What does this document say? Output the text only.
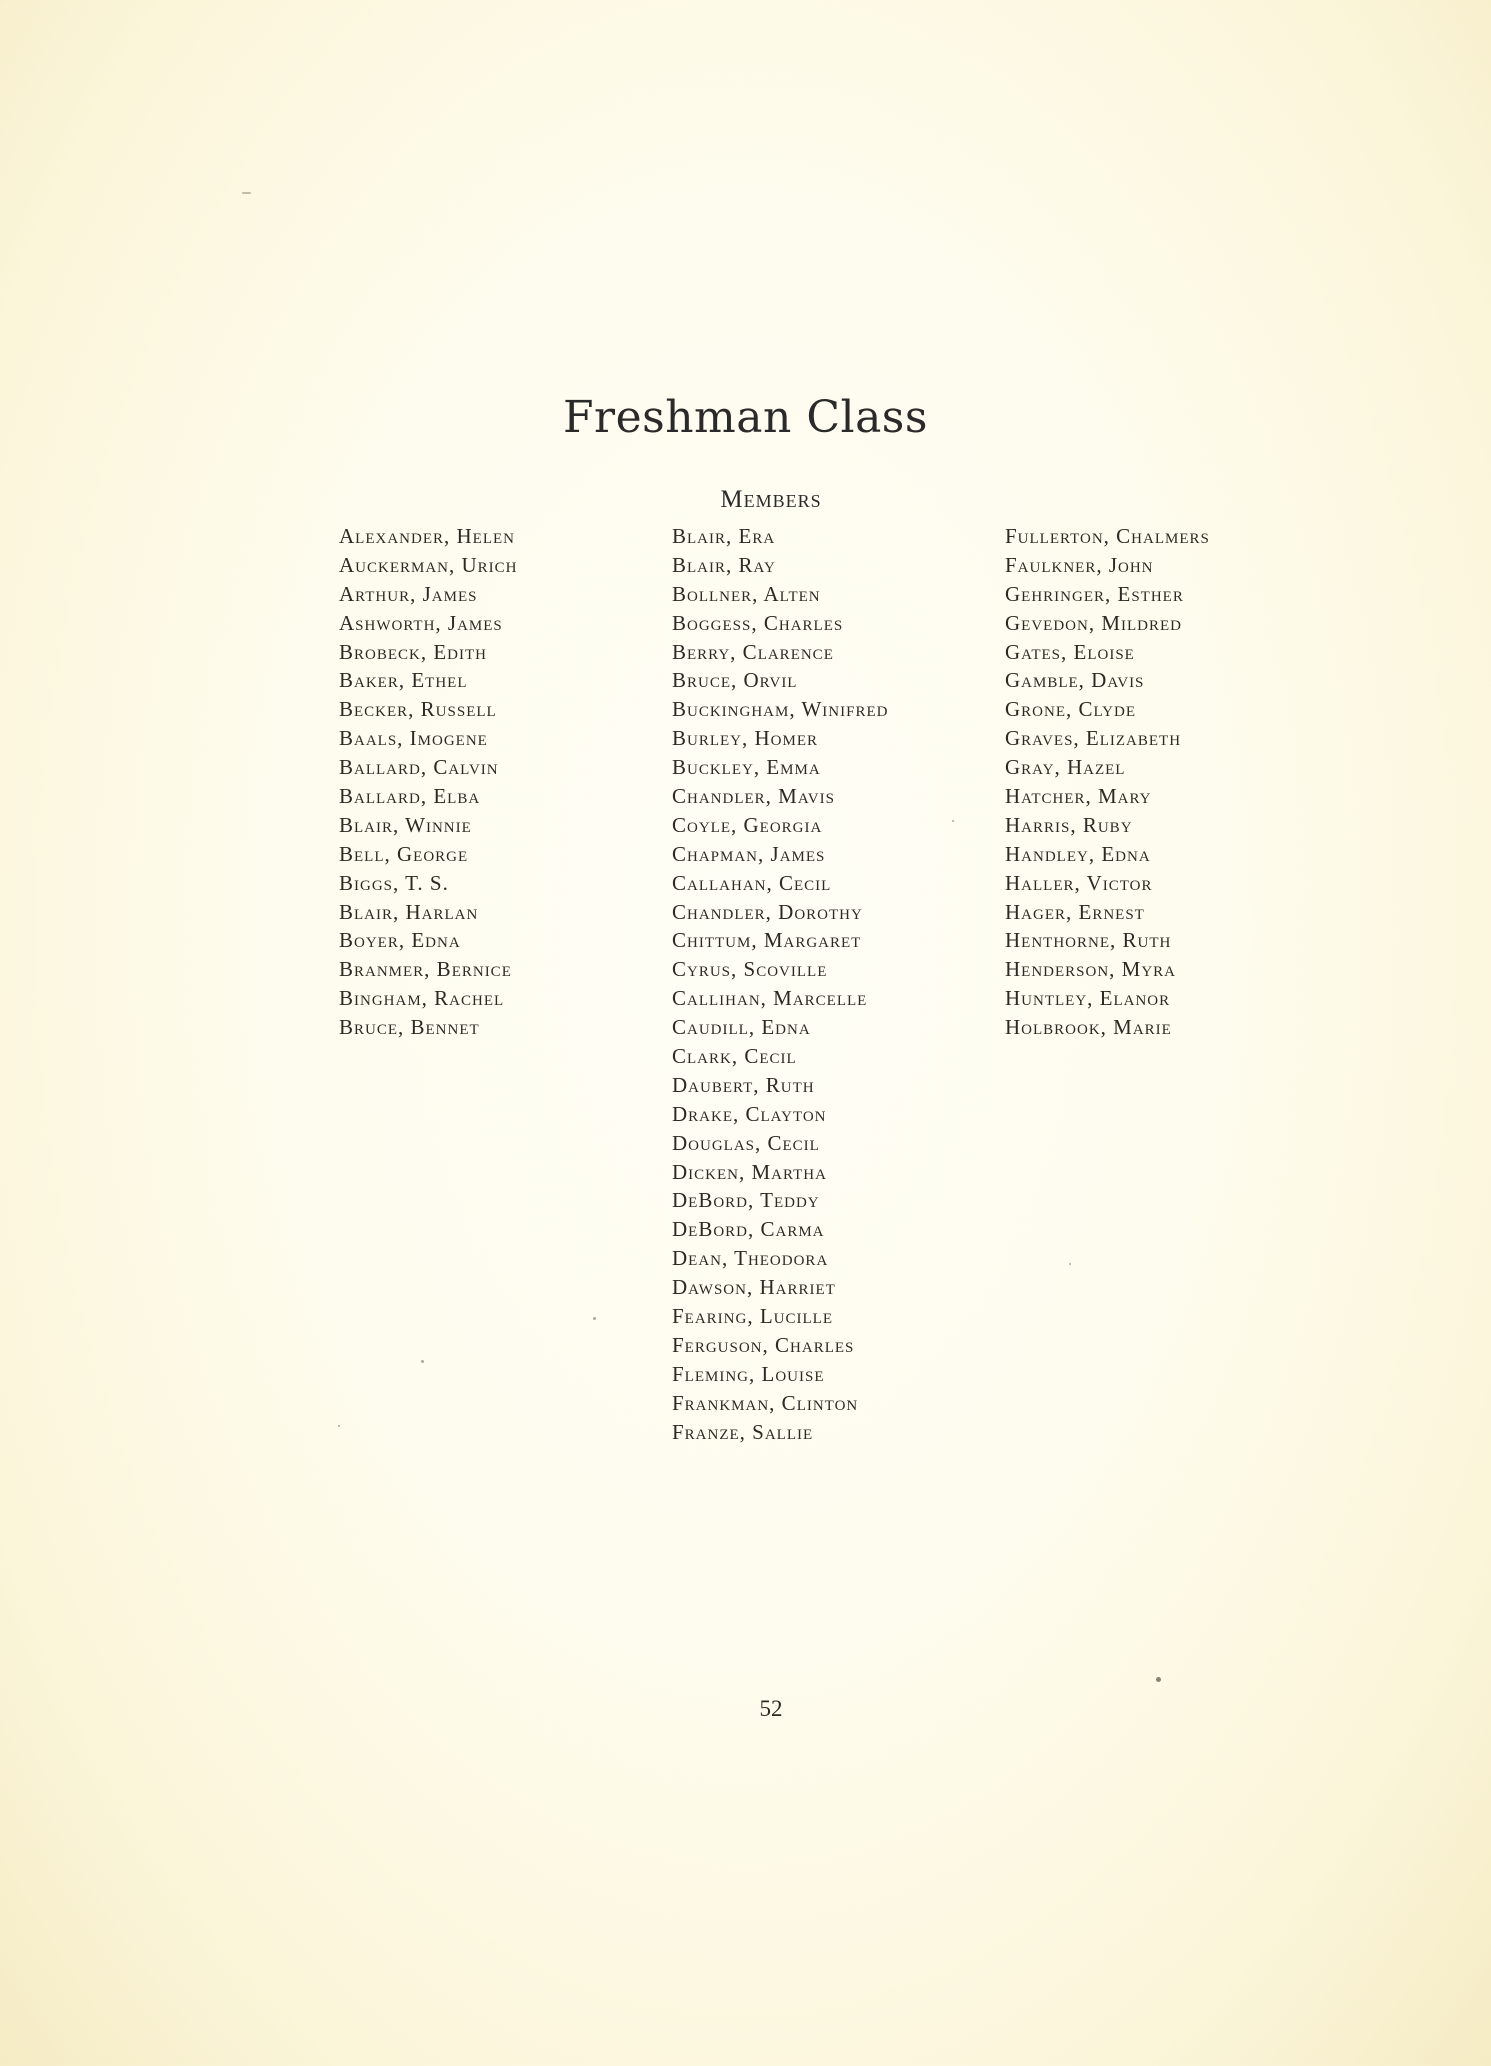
Freshman Class
Members
Alexander, Helen
Auckerman, Urich
Arthur, James
Ashworth, James
Brobeck, Edith
Baker, Ethel
Becker, Russell
Baals, Imogene
Ballard, Calvin
Ballard, Elba
Blair, Winnie
Bell, George
Biggs, T. S.
Blair, Harlan
Boyer, Edna
Branmer, Bernice
Bingham, Rachel
Bruce, Bennet
Blair, Era
Blair, Ray
Bollner, Alten
Boggess, Charles
Berry, Clarence
Bruce, Orvil
Buckingham, Winifred
Burley, Homer
Buckley, Emma
Chandler, Mavis
Coyle, Georgia
Chapman, James
Callahan, Cecil
Chandler, Dorothy
Chittum, Margaret
Cyrus, Scoville
Callihan, Marcelle
Caudill, Edna
Clark, Cecil
Daubert, Ruth
Drake, Clayton
Douglas, Cecil
Dicken, Martha
DeBord, Teddy
DeBord, Carma
Dean, Theodora
Dawson, Harriet
Fearing, Lucille
Ferguson, Charles
Fleming, Louise
Frankman, Clinton
Franze, Sallie
Fullerton, Chalmers
Faulkner, John
Gehringer, Esther
Gevedon, Mildred
Gates, Eloise
Gamble, Davis
Grone, Clyde
Graves, Elizabeth
Gray, Hazel
Hatcher, Mary
Harris, Ruby
Handley, Edna
Haller, Victor
Hager, Ernest
Henthorne, Ruth
Henderson, Myra
Huntley, Elanor
Holbrook, Marie
52
